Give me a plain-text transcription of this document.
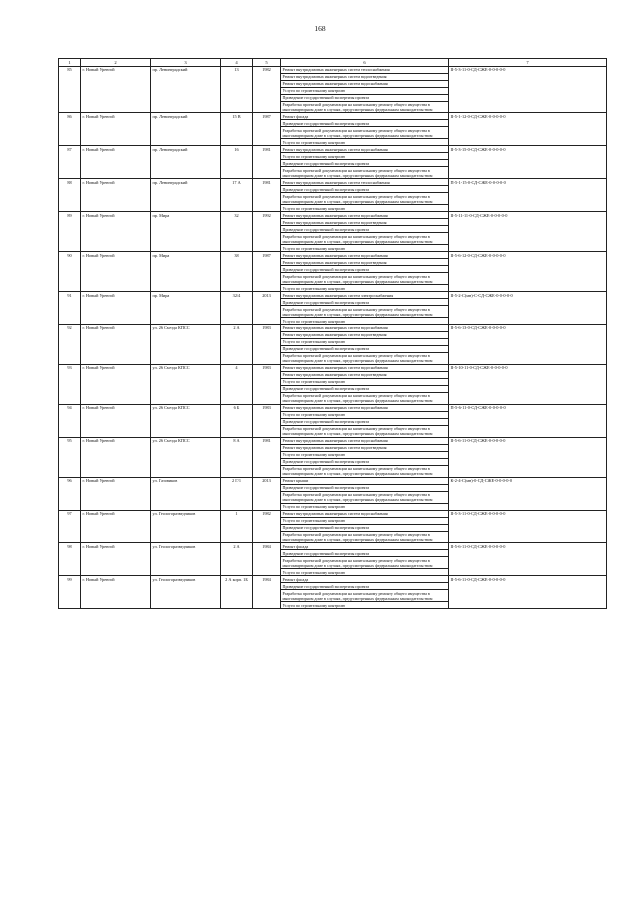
168
1	2	3	4	5	6	7
85	г. Новый Уренгой	пр. Ленинградский	13	1982	Ремонт внутридомовых инженерных систем теплоснабжения	II-5-3-11-0-СД-СЖЕ-0-0-0-0-0
					Ремонт внутридомовых инженерных систем водоотведения	
					Ремонт внутридомовых инженерных систем водоснабжения	
					Услуги по строительному контролю	
					Проведение государственной экспертизы проекта	
					Разработка проектной документации на капитальному ремонту общего имущества в многоквартирном доме в случаях, предусмотренных федеральным законодательством	
86	г. Новый Уренгой	пр. Ленинградский	15 В	1987	Ремонт фасада	II-5-1-12-0-СД-СЖЕ-0-0-0-0-0
					Проведение государственной экспертизы проекта	
					Разработка проектной документации на капитальному ремонту общего имущества в многоквартирном доме в случаях, предусмотренных федеральным законодательством	
					Услуги по строительному контролю	
87	г. Новый Уренгой	пр. Ленинградский	16	1981	Ремонт внутридомовых инженерных систем водоснабжения	II-5-3-15-0-СД-СЖЕ-0-0-0-0-0
					Услуги по строительному контролю	
					Проведение государственной экспертизы проекта	
					Разработка проектной документации на капитальному ремонту общего имущества в многоквартирном доме в случаях, предусмотренных федеральным законодательством	
88	г. Новый Уренгой	пр. Ленинградский	17 А	1981	Ремонт внутридомовых инженерных систем теплоснабжения	П-5-1-15-0-СД-СЖЕ-0-0-0-0-0
					Проведение государственной экспертизы проекта	
					Разработка проектной документации на капитальному ремонту общего имущества в многоквартирном доме в случаях, предусмотренных федеральным законодательством	
					Услуги по строительному контролю	
89	г. Новый Уренгой	пр. Мира	32	1992	Ремонт внутридомовых инженерных систем водоснабжения	II-5-11-11-0-СД-СЖЕ-0-0-0-0-0
					Ремонт внутридомовых инженерных систем водоотведения	
					Проведение государственной экспертизы проекта	
					Разработка проектной документации на капитальному ремонту общего имущества в многоквартирном доме в случаях, предусмотренных федеральным законодательством	
					Услуги по строительному контролю	
90	г. Новый Уренгой	пр. Мира	38	1987	Ремонт внутридомовых инженерных систем водоснабжения	II-5-6-12-0-СД-СЖЕ-0-0-0-0-0
					Ремонт внутридомовых инженерных систем водоотведения	
					Проведение государственной экспертизы проекта	
					Разработка проектной документации на капитальному ремонту общего имущества в многоквартирном доме в случаях, предусмотренных федеральным законодательством	
					Услуги по строительному контролю	
91	г. Новый Уренгой	пр. Мира	32/4	2013	Ремонт внутридомовых инженерных систем электроснабжения	II-5-2-С(мн)-С-СД-СЖЕ-0-0-0-0-0
					Проведение государственной экспертизы проекта	
					Разработка проектной документации на капитальному ремонту общего имущества в многоквартирном доме в случаях, предусмотренных федеральным законодательством	
					Услуги по строительному контролю	
92	г. Новый Уренгой	ул. 26 Съезда КПСС	2 А	1983	Ремонт внутридомовых инженерных систем водоснабжения	II-5-6-13-0-СД-СЖЕ-0-0-0-0-0
					Ремонт внутридомовых инженерных систем водоотведения	
					Услуги по строительному контролю	
					Проведение государственной экспертизы проекта	
					Разработка проектной документации на капитальному ремонту общего имущества в многоквартирном доме в случаях, предусмотренных федеральным законодательством	
93	г. Новый Уренгой	ул. 26 Съезда КПСС	4	1983	Ремонт внутридомовых инженерных систем водоснабжения	II-5-10-11-0-СД-СЖЕ-0-0-0-0-0
					Ремонт внутридомовых инженерных систем водоотведения	
					Услуги по строительному контролю	
					Проведение государственной экспертизы проекта	
					Разработка проектной документации на капитальному ремонту общего имущества в многоквартирном доме в случаях, предусмотренных федеральным законодательством	
94	г. Новый Уренгой	ул. 26 Съезда КПСС	6 Б	1983	Ремонт внутридомовых инженерных систем водоснабжения	П-5-6-11-0-СД-СЖЕ-0-0-0-0-0
					Услуги по строительному контролю	
					Проведение государственной экспертизы проекта	
					Разработка проектной документации на капитальному ремонту общего имущества в многоквартирном доме в случаях, предусмотренных федеральным законодательством	
95	г. Новый Уренгой	ул. 26 Съезда КПСС	8 А	1981	Ремонт внутридомовых инженерных систем водоснабжения	II-5-6-11-0-СД-СЖЕ-0-0-0-0-0
					Ремонт внутридомовых инженерных систем водоотведения	
					Услуги по строительному контролю	
					Проведение государственной экспертизы проекта	
					Разработка проектной документации на капитальному ремонту общего имущества в многоквартирном доме в случаях, предусмотренных федеральным законодательством	
96	г. Новый Уренгой	ул. Газовиков	2 Г/1	2013	Ремонт крыши	К-2-4-С(мн)-0-СД-СЖЕ-0-0-0-0-0
					Проведение государственной экспертизы проекта	
					Разработка проектной документации на капитальному ремонту общего имущества в многоквартирном доме в случаях, предусмотренных федеральным законодательством	
					Услуги по строительному контролю	
97	г. Новый Уренгой	ул. Геологоразведчиков	1	1982	Ремонт внутридомовых инженерных систем водоснабжения	II-5-3-11-0-СД-СЖЕ-0-0-0-0-0
					Услуги по строительному контролю	
					Проведение государственной экспертизы проекта	
					Разработка проектной документации на капитальному ремонту общего имущества в многоквартирном доме в случаях, предусмотренных федеральным законодательством	
98	г. Новый Уренгой	ул. Геологоразведчиков	2 А	1984	Ремонт фасада	II-5-6-11-0-СД-СЖЕ-0-0-0-0-0
					Проведение государственной экспертизы проекта	
					Разработка проектной документации на капитальному ремонту общего имущества в многоквартирном доме в случаях, предусмотренных федеральным законодательством	
					Услуги по строительному контролю	
99	г. Новый Уренгой	ул. Геологоразведчиков	2 А корп. 1Б	1984	Ремонт фасада	II-5-6-11-0-СД-СЖЕ-0-0-0-0-0
					Проведение государственной экспертизы проекта	
					Разработка проектной документации на капитальному ремонту общего имущества в многоквартирном доме в случаях, предусмотренных федеральным законодательством	
					Услуги по строительному контролю	
